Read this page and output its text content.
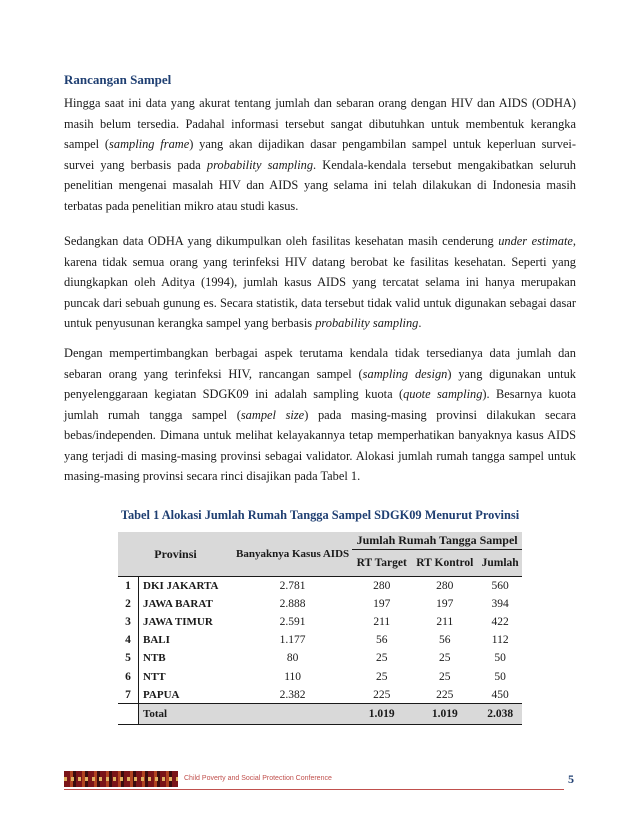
Rancangan Sampel

Hingga saat ini data yang akurat tentang jumlah dan sebaran orang dengan HIV dan AIDS (ODHA) masih belum tersedia. Padahal informasi tersebut sangat dibutuhkan untuk membentuk kerangka sampel (sampling frame) yang akan dijadikan dasar pengambilan sampel untuk keperluan survei-survei yang berbasis pada probability sampling. Kendala-kendala tersebut mengakibatkan seluruh penelitian mengenai masalah HIV dan AIDS yang selama ini telah dilakukan di Indonesia masih terbatas pada penelitian mikro atau studi kasus.

Sedangkan data ODHA yang dikumpulkan oleh fasilitas kesehatan masih cenderung under estimate, karena tidak semua orang yang terinfeksi HIV datang berobat ke fasilitas kesehatan. Seperti yang diungkapkan oleh Aditya (1994), jumlah kasus AIDS yang tercatat selama ini hanya merupakan puncak dari sebuah gunung es. Secara statistik, data tersebut tidak valid untuk digunakan sebagai dasar untuk penyusunan kerangka sampel yang berbasis probability sampling.

Dengan mempertimbangkan berbagai aspek terutama kendala tidak tersedianya data jumlah dan sebaran orang yang terinfeksi HIV, rancangan sampel (sampling design) yang digunakan untuk penyelenggaraan kegiatan SDGK09 ini adalah sampling kuota (quote sampling). Besarnya kuota jumlah rumah tangga sampel (sampel size) pada masing-masing provinsi dilakukan secara bebas/independen. Dimana untuk melihat kelayakannya tetap memperhatikan banyaknya kasus AIDS yang terjadi di masing-masing provinsi sebagai validator. Alokasi jumlah rumah tangga sampel untuk masing-masing provinsi secara rinci disajikan pada Tabel 1.

Tabel 1 Alokasi Jumlah Rumah Tangga Sampel SDGK09 Menurut Provinsi
Provinsi		Banyaknya Kasus AIDS	Jumlah Rumah Tangga Sampel		
			RT Target	RT Kontrol	Jumlah
1	DKI JAKARTA	2.781	280	280	560
2	JAWA BARAT	2.888	197	197	394
3	JAWA TIMUR	2.591	211	211	422
4	BALI	1.177	56	56	112
5	NTB	80	25	25	50
6	NTT	110	25	25	50
7	PAPUA	2.382	225	225	450
	Total		1.019	1.019	2.038
Child Poverty and Social Protection Conference	5
